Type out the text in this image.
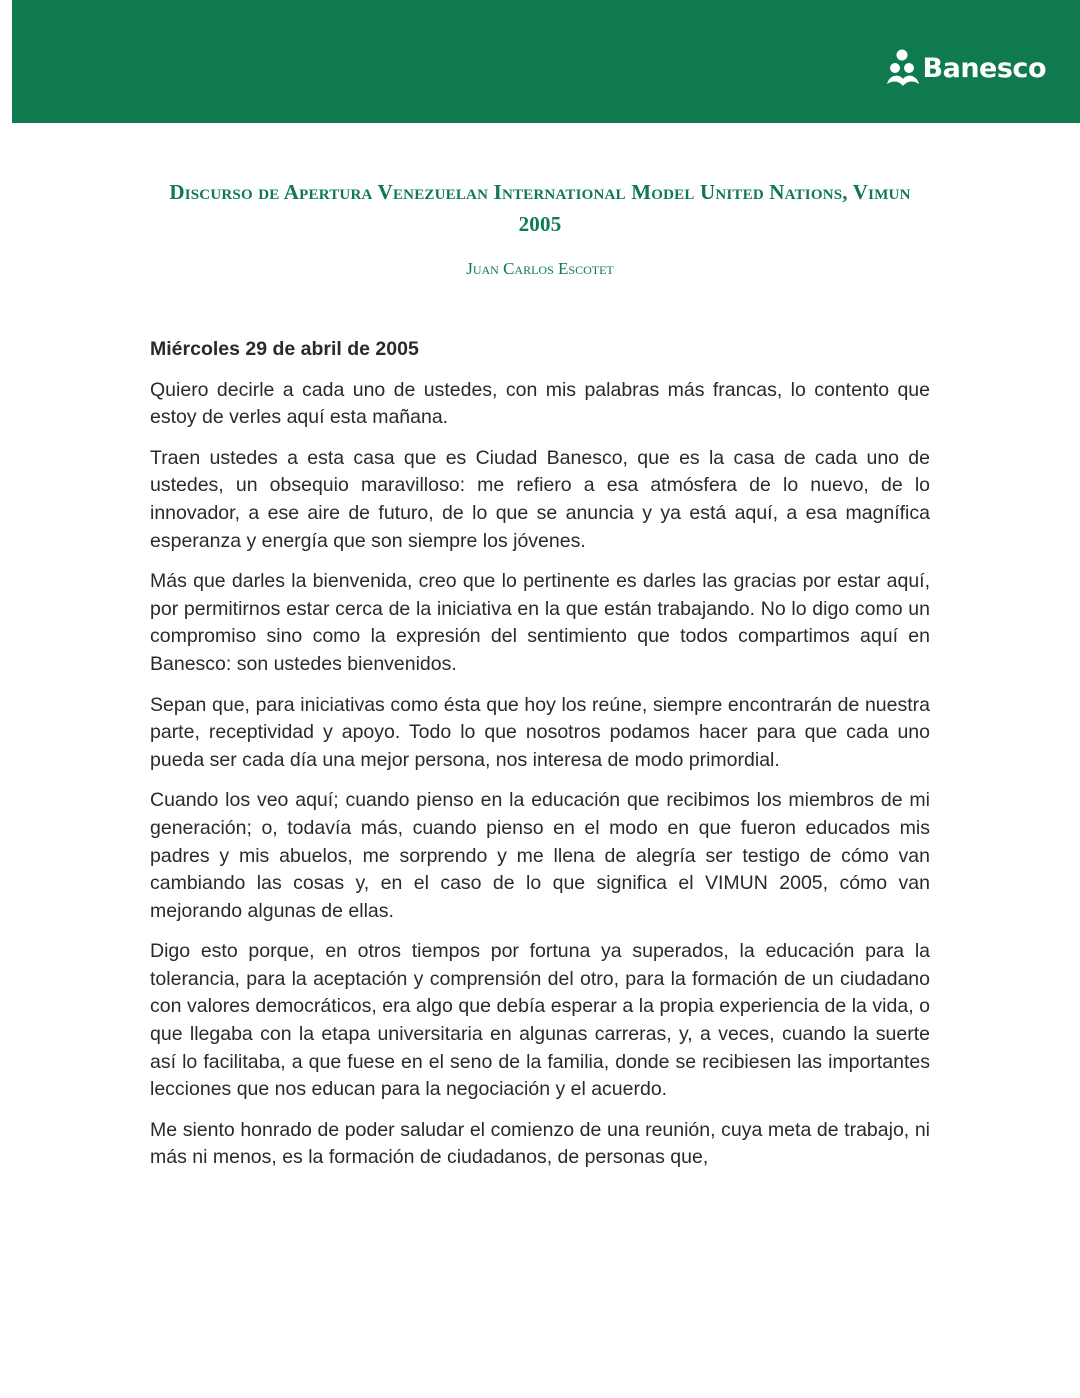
Banesco
Discurso de Apertura Venezuelan International Model United Nations, Vimun 2005
Juan Carlos Escotet

Miércoles 29 de abril de 2005

Quiero decirle a cada uno de ustedes, con mis palabras más francas, lo contento que estoy de verles aquí esta mañana.

Traen ustedes a esta casa que es Ciudad Banesco, que es la casa de cada uno de ustedes, un obsequio maravilloso: me refiero a esa atmósfera de lo nuevo, de lo innovador, a ese aire de futuro, de lo que se anuncia y ya está aquí, a esa magnífica esperanza y energía que son siempre los jóvenes.

Más que darles la bienvenida, creo que lo pertinente es darles las gracias por estar aquí, por permitirnos estar cerca de la iniciativa en la que están trabajando. No lo digo como un compromiso sino como la expresión del sentimiento que todos compartimos aquí en Banesco: son ustedes bienvenidos.

Sepan que, para iniciativas como ésta que hoy los reúne, siempre encontrarán de nuestra parte, receptividad y apoyo. Todo lo que nosotros podamos hacer para que cada uno pueda ser cada día una mejor persona, nos interesa de modo primordial.

Cuando los veo aquí; cuando pienso en la educación que recibimos los miembros de mi generación; o, todavía más, cuando pienso en el modo en que fueron educados mis padres y mis abuelos, me sorprendo y me llena de alegría ser testigo de cómo van cambiando las cosas y, en el caso de lo que significa el VIMUN 2005, cómo van mejorando algunas de ellas.

Digo esto porque, en otros tiempos por fortuna ya superados, la educación para la tolerancia, para la aceptación y comprensión del otro, para la formación de un ciudadano con valores democráticos, era algo que debía esperar a la propia experiencia de la vida, o que llegaba con la etapa universitaria en algunas carreras, y, a veces, cuando la suerte así lo facilitaba, a que fuese en el seno de la familia, donde se recibiesen las importantes lecciones que nos educan para la negociación y el acuerdo.

Me siento honrado de poder saludar el comienzo de una reunión, cuya meta de trabajo, ni más ni menos, es la formación de ciudadanos, de personas que,
